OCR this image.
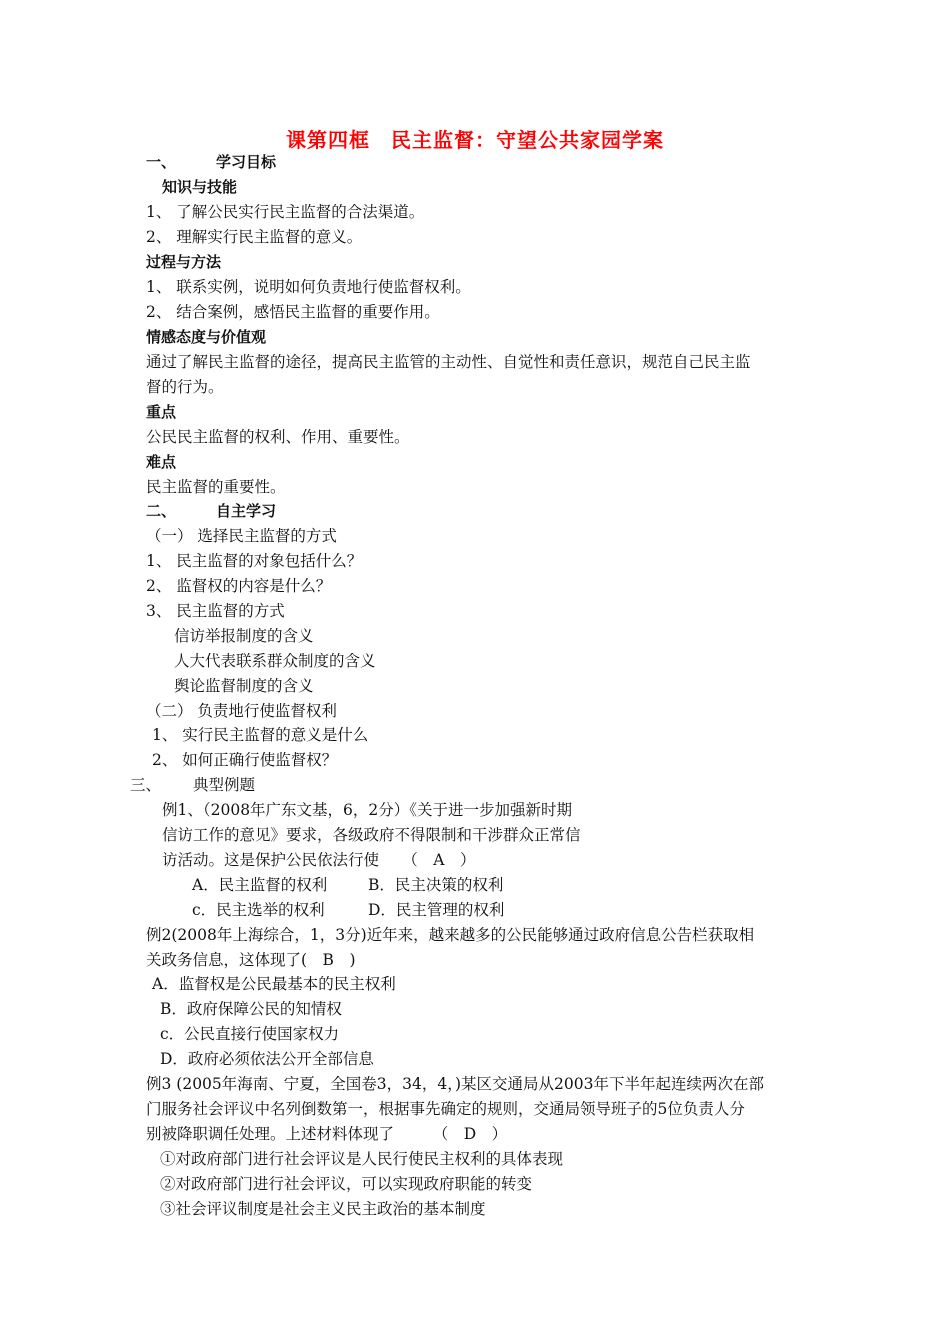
课第四框　民主监督：守望公共家园学案
一、	学习目标
知识与技能
1、 了解公民实行民主监督的合法渠道。
2、 理解实行民主监督的意义。
过程与方法
1、 联系实例，说明如何负责地行使监督权利。
2、 结合案例，感悟民主监督的重要作用。
情感态度与价值观
通过了解民主监督的途径，提高民主监管的主动性、自觉性和责任意识，规范自己民主监
督的行为。
重点
公民民主监督的权利、作用、重要性。
难点
民主监督的重要性。
二、	自主学习
（一） 选择民主监督的方式
1、 民主监督的对象包括什么？
2、 监督权的内容是什么？
3、 民主监督的方式
信访举报制度的含义
人大代表联系群众制度的含义
舆论监督制度的含义
（二） 负责地行使监督权利
1、 实行民主监督的意义是什么
2、 如何正确行使监督权？
三、 典型例题
例1、（2008年广东文基，6，2分）《关于进一步加强新时期
信访工作的意见》要求，各级政府不得限制和干涉群众正常信
访活动。这是保护公民依法行使　　（　A　）
A．民主监督的权利	B．民主决策的权利
c．民主选举的权利	D．民主管理的权利
例2(2008年上海综合，1，3分)近年来，越来越多的公民能够通过政府信息公告栏获取相
关政务信息，这体现了(　B　)
A．监督权是公民最基本的民主权利
B．政府保障公民的知情权
c．公民直接行使国家权力
D．政府必须依法公开全部信息
例3 (2005年海南、宁夏，全国卷3，34，4，)某区交通局从2003年下半年起连续两次在部
门服务社会评议中名列倒数第一，根据事先确定的规则，交通局领导班子的5位负责人分
别被降职调任处理。上述材料体现了　　　（　D　）
①对政府部门进行社会评议是人民行使民主权利的具体表现
②对政府部门进行社会评议，可以实现政府职能的转变
③社会评议制度是社会主义民主政治的基本制度
